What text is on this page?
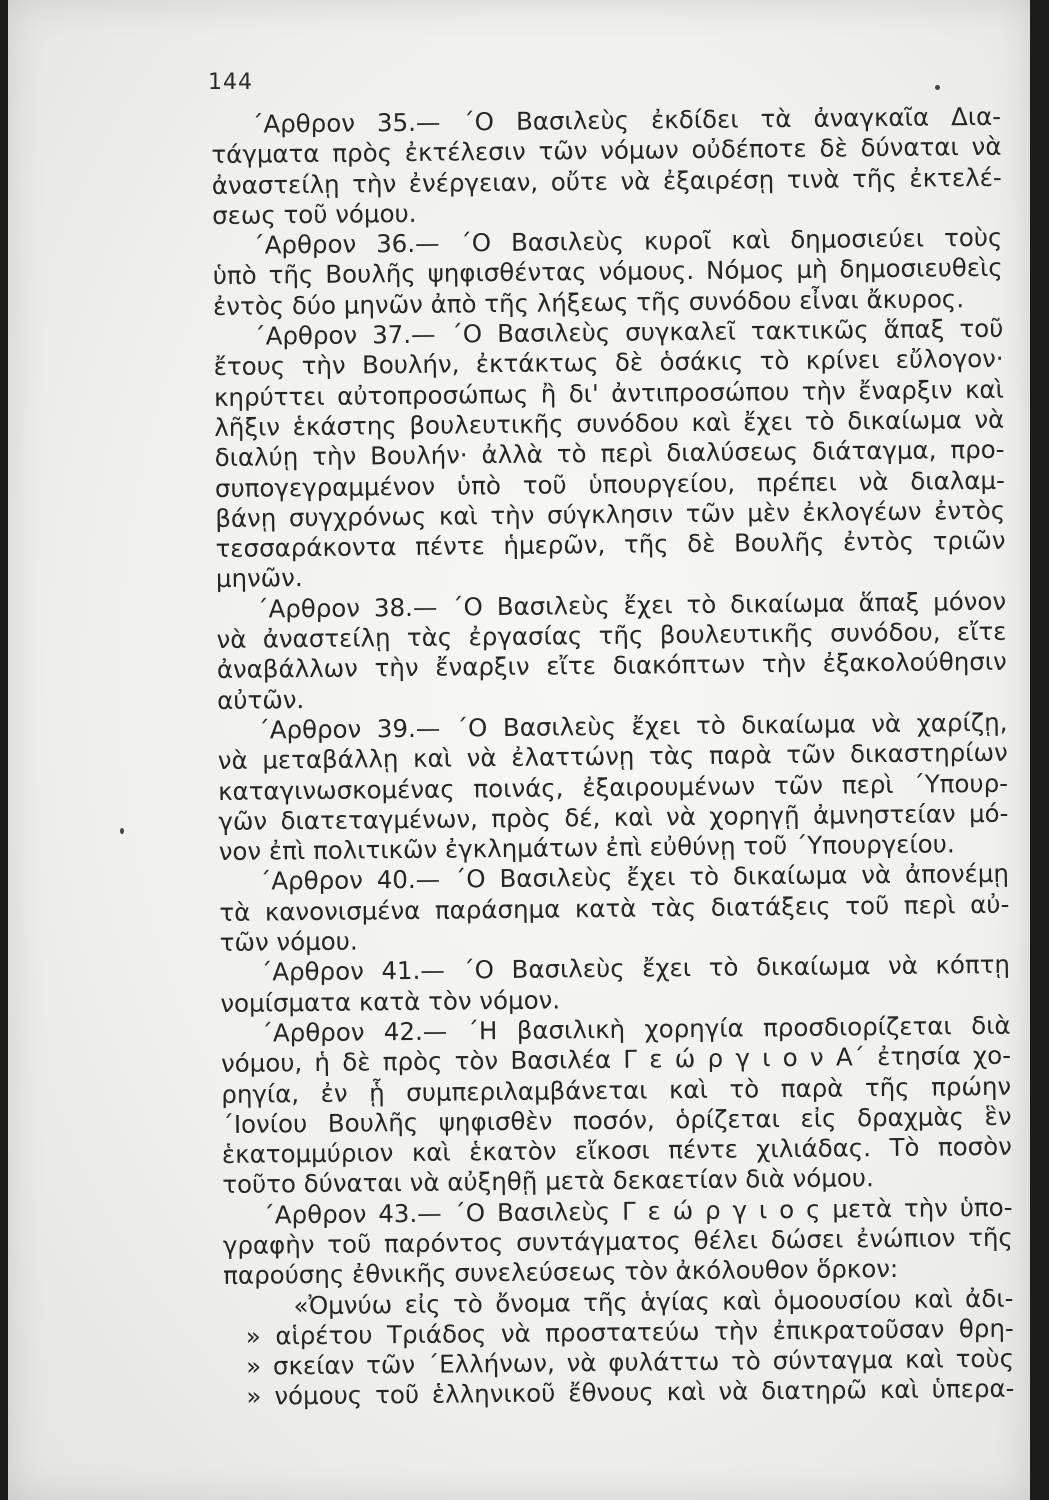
144
΄Αρθρον 35.— ΄Ο Βασιλεὺς ἐκδίδει τὰ ἀναγκαῖα Δια-
τάγματα πρὸς ἐκτέλεσιν τῶν νόμων οὐδέποτε δὲ δύναται νὰ
ἀναστείλῃ τὴν ἐνέργειαν, οὔτε νὰ ἐξαιρέσῃ τινὰ τῆς ἐκτελέ-
σεως τοῦ νόμου.
΄Αρθρον 36.— ΄Ο Βασιλεὺς κυροῖ καὶ δημοσιεύει τοὺς
ὑπὸ τῆς Βουλῆς ψηφισθέντας νόμους. Νόμος μὴ δημοσιευθεὶς
ἐντὸς δύο μηνῶν ἀπὸ τῆς λήξεως τῆς συνόδου εἶναι ἄκυρος.
΄Αρθρον 37.— ΄Ο Βασιλεὺς συγκαλεῖ τακτικῶς ἅπαξ τοῦ
ἔτους τὴν Βουλήν, ἐκτάκτως δὲ ὁσάκις τὸ κρίνει εὔλογον·
κηρύττει αὐτοπροσώπως ἢ δι' ἀντιπροσώπου τὴν ἔναρξιν καὶ
λῆξιν ἑκάστης βουλευτικῆς συνόδου καὶ ἔχει τὸ δικαίωμα νὰ
διαλύῃ τὴν Βουλήν· ἀλλὰ τὸ περὶ διαλύσεως διάταγμα, προ-
συπογεγραμμένον ὑπὸ τοῦ ὑπουργείου, πρέπει νὰ διαλαμ-
βάνῃ συγχρόνως καὶ τὴν σύγκλησιν τῶν μὲν ἐκλογέων ἐντὸς
τεσσαράκοντα πέντε ἡμερῶν, τῆς δὲ Βουλῆς ἐντὸς τριῶν
μηνῶν.
΄Αρθρον 38.— ΄Ο Βασιλεὺς ἔχει τὸ δικαίωμα ἅπαξ μόνον
νὰ ἀναστείλῃ τὰς ἐργασίας τῆς βουλευτικῆς συνόδου, εἴτε
ἀναβάλλων τὴν ἔναρξιν εἴτε διακόπτων τὴν ἐξακολούθησιν
αὐτῶν.
΄Αρθρον 39.— ΄Ο Βασιλεὺς ἔχει τὸ δικαίωμα νὰ χαρίζῃ,
νὰ μεταβάλλῃ καὶ νὰ ἐλαττώνῃ τὰς παρὰ τῶν δικαστηρίων
καταγινωσκομένας ποινάς, ἐξαιρουμένων τῶν περὶ ΄Υπουρ-
γῶν διατεταγμένων, πρὸς δέ, καὶ νὰ χορηγῇ ἀμνηστείαν μό-
νον ἐπὶ πολιτικῶν ἐγκλημάτων ἐπὶ εὐθύνῃ τοῦ ΄Υπουργείου.
΄Αρθρον 40.— ΄Ο Βασιλεὺς ἔχει τὸ δικαίωμα νὰ ἀπονέμῃ
τὰ κανονισμένα παράσημα κατὰ τὰς διατάξεις τοῦ περὶ αὐ-
τῶν νόμου.
΄Αρθρον 41.— ΄Ο Βασιλεὺς ἔχει τὸ δικαίωμα νὰ κόπτῃ
νομίσματα κατὰ τὸν νόμον.
΄Αρθρον 42.— ΄Η βασιλικὴ χορηγία προσδιορίζεται διὰ
νόμου, ἡ δὲ πρὸς τὸν Βασιλέα Γ ε ώ ρ γ ι ο ν Α΄ ἐτησία χο-
ρηγία, ἐν ᾗ συμπεριλαμβάνεται καὶ τὸ παρὰ τῆς πρώην
΄Ιονίου Βουλῆς ψηφισθὲν ποσόν, ὁρίζεται εἰς δραχμὰς ἓν
ἑκατομμύριον καὶ ἑκατὸν εἴκοσι πέντε χιλιάδας. Τὸ ποσὸν
τοῦτο δύναται νὰ αὐξηθῇ μετὰ δεκαετίαν διὰ νόμου.
΄Αρθρον 43.— ΄Ο Βασιλεὺς Γ ε ώ ρ γ ι ο ς μετὰ τὴν ὑπο-
γραφὴν τοῦ παρόντος συντάγματος θέλει δώσει ἐνώπιον τῆς
παρούσης ἐθνικῆς συνελεύσεως τὸν ἀκόλουθον ὅρκον:
«Ὀμνύω εἰς τὸ ὄνομα τῆς ἁγίας καὶ ὁμοουσίου καὶ ἀδι-
» αἱρέτου Τριάδος νὰ προστατεύω τὴν ἐπικρατοῦσαν θρη-
» σκείαν τῶν ΄Ελλήνων, νὰ φυλάττω τὸ σύνταγμα καὶ τοὺς
» νόμους τοῦ ἑλληνικοῦ ἔθνους καὶ νὰ διατηρῶ καὶ ὑπερα-
